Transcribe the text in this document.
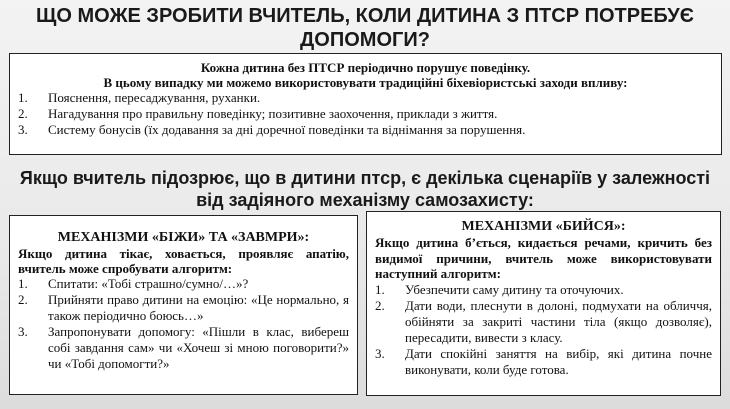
ЩО МОЖЕ ЗРОБИТИ ВЧИТЕЛЬ, КОЛИ ДИТИНА З ПТСР ПОТРЕБУЄ ДОПОМОГИ?
Кожна дитина без ПТСР періодично порушує поведінку.
В цьому випадку ми можемо використовувати традиційні біхевіористські заходи впливу:
1. Пояснення, пересаджування, руханки.
2. Нагадування про правильну поведінку; позитивне заохочення, приклади з життя.
3. Систему бонусів (їх додавання за дні доречної поведінки та віднімання за порушення.
Якщо вчитель підозрює, що в дитини птср, є декілька сценаріїв у залежності від задіяного механізму самозахисту:
МЕХАНІЗМИ «БІЖИ» ТА «ЗАВМРИ»:
Якщо дитина тікає, ховається, проявляє апатію, вчитель може спробувати алгоритм:
1. Спитати: «Тобі страшно/сумно/…»?
2. Прийняти право дитини на емоцію: «Це нормально, я також періодично боюсь…»
3. Запропонувати допомогу: «Пішли в клас, вибереш собі завдання сам» чи «Хочеш зі мною поговорити?» чи «Тобі допомогти?»
МЕХАНІЗМИ «БИЙСЯ»:
Якщо дитина б’ється, кидається речами, кричить без видимої причини, вчитель може використовувати наступний алгоритм:
1. Убезпечити саму дитину та оточуючих.
2. Дати води, плеснути в долоні, подмухати на обличчя, обійняти за закриті частини тіла (якщо дозволяє), пересадити, вивести з класу.
3. Дати спокійні заняття на вибір, які дитина почне виконувати, коли буде готова.
